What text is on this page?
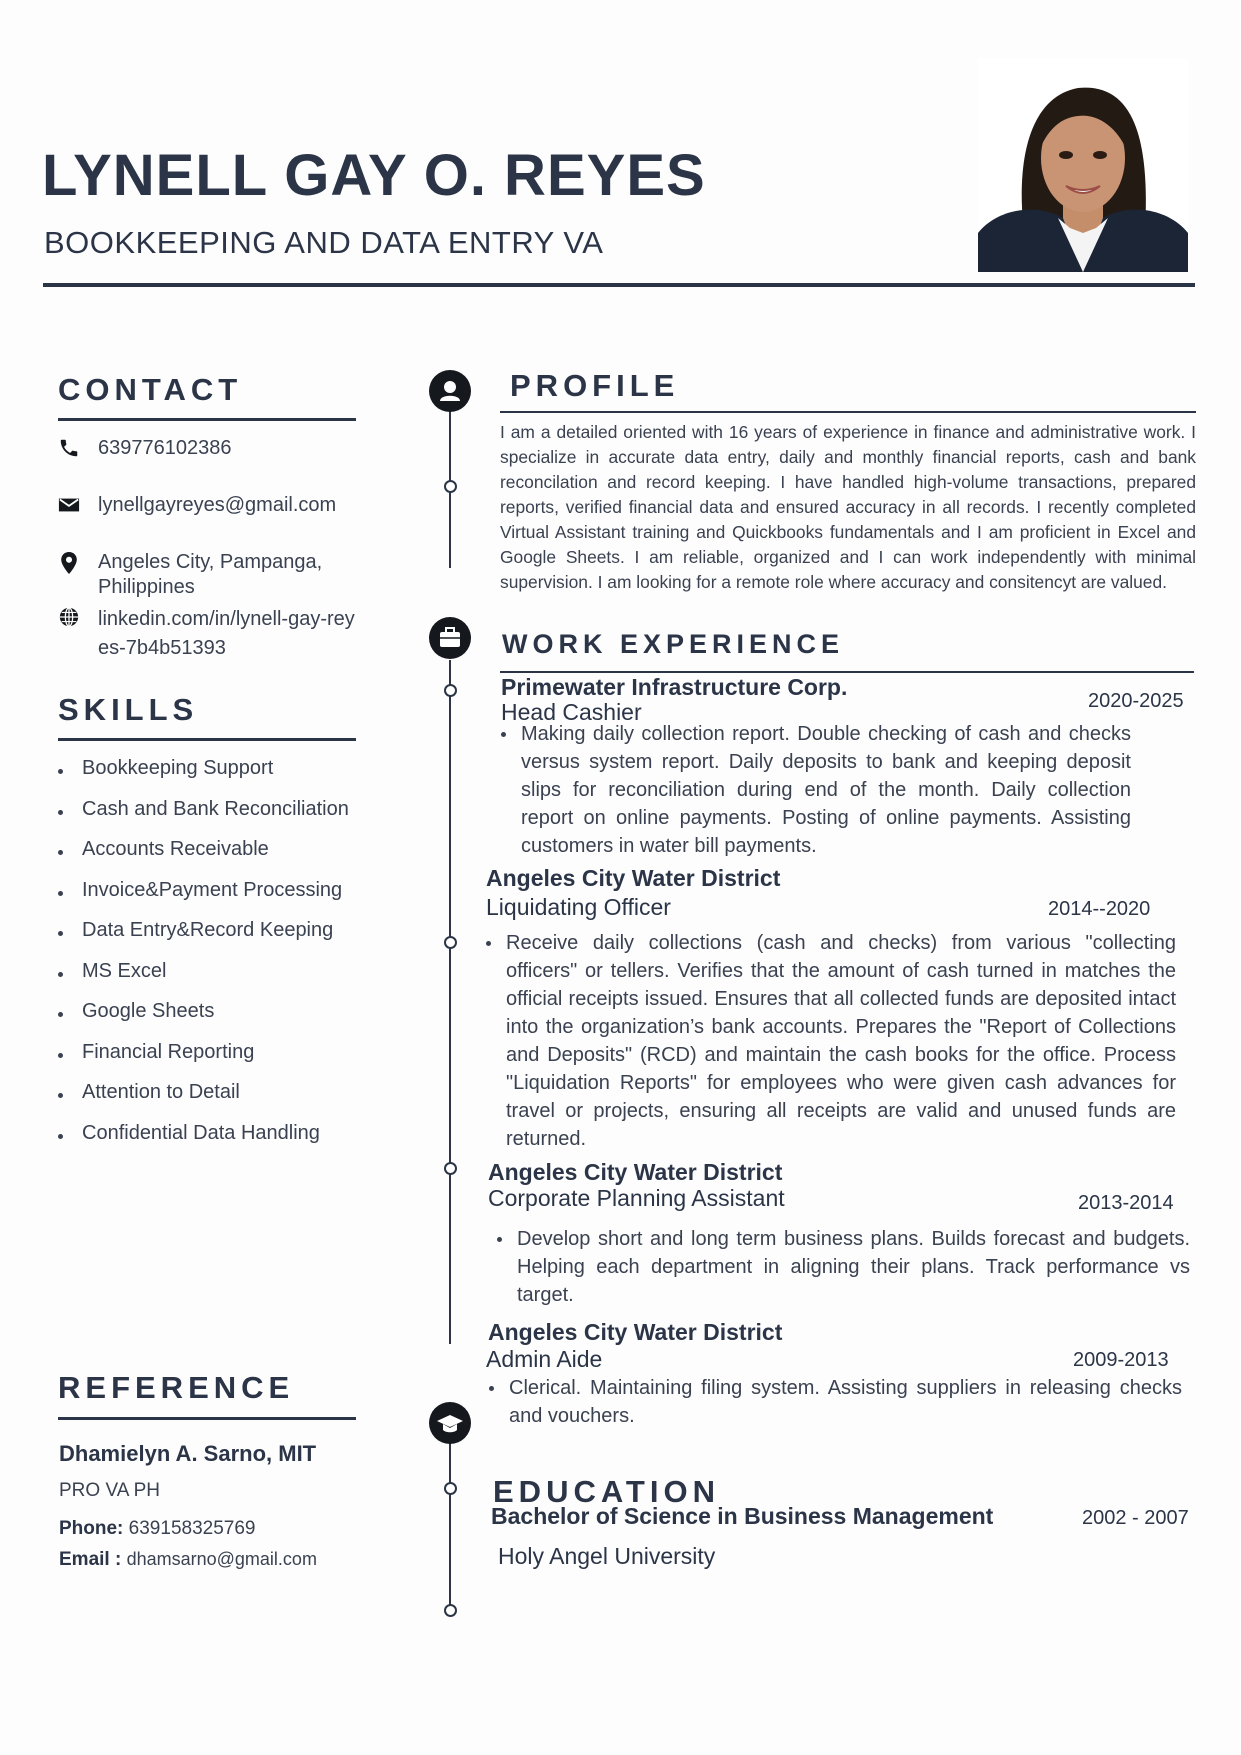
LYNELL GAY O. REYES
BOOKKEEPING AND DATA ENTRY VA
CONTACT
639776102386
lynellgayreyes@gmail.com
Angeles City, Pampanga, Philippines
linkedin.com/in/lynell-gay-reyes-7b4b51393
SKILLS
Bookkeeping Support
Cash and Bank Reconciliation
Accounts Receivable
Invoice&Payment Processing
Data Entry&Record Keeping
MS Excel
Google Sheets
Financial Reporting
Attention to Detail
Confidential Data Handling
REFERENCE
Dhamielyn A. Sarno, MIT
PRO VA PH
Phone: 639158325769
Email : dhamsarno@gmail.com
PROFILE
I am a detailed oriented with 16 years of experience in finance and administrative work. I specialize in accurate data entry, daily and monthly financial reports, cash and bank reconcilation and record keeping. I have handled high-volume transactions, prepared reports, verified financial data and ensured accuracy in all records. I recently completed Virtual Assistant training and Quickbooks fundamentals and I am proficient in Excel and Google Sheets. I am reliable, organized and I can work independently with minimal supervision. I am looking for a remote role where accuracy and consitencyt are valued.
WORK EXPERIENCE
Primewater Infrastructure Corp.
Head Cashier	2020-2025
Making daily collection report. Double checking of cash and checks versus system report. Daily deposits to bank and keeping deposit slips for reconciliation during end of the month. Daily collection report on online payments. Posting of online payments. Assisting customers in water bill payments.
Angeles City Water District
Liquidating Officer	2014--2020
Receive daily collections (cash and checks) from various "collecting officers" or tellers. Verifies that the amount of cash turned in matches the official receipts issued. Ensures that all collected funds are deposited intact into the organization’s bank accounts. Prepares the "Report of Collections and Deposits" (RCD) and maintain the cash books for the office. Process "Liquidation Reports" for employees who were given cash advances for travel or projects, ensuring all receipts are valid and unused funds are returned.
Angeles City Water District
Corporate Planning Assistant	2013-2014
Develop short and long term business plans. Builds forecast and budgets. Helping each department in aligning their plans. Track performance vs target.
Angeles City Water District
Admin Aide	2009-2013
Clerical. Maintaining filing system. Assisting suppliers in releasing checks and vouchers.
EDUCATION
Bachelor of Science in Business Management	2002 - 2007
Holy Angel University
